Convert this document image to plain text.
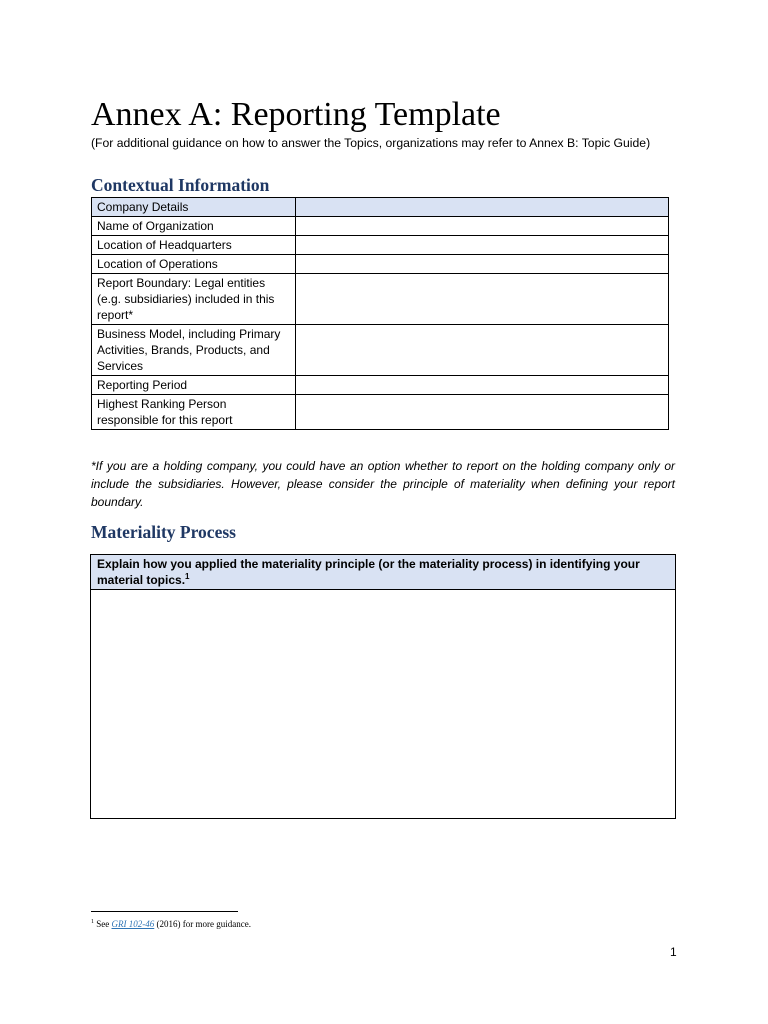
Annex A: Reporting Template

(For additional guidance on how to answer the Topics, organizations may refer to Annex B: Topic Guide)

Contextual Information
Company Details	
Name of Organization	
Location of Headquarters	
Location of Operations	
Report Boundary: Legal entities (e.g. subsidiaries) included in this report*	
Business Model, including Primary Activities, Brands, Products, and Services	
Reporting Period	
Highest Ranking Person responsible for this report	

*If you are a holding company, you could have an option whether to report on the holding company only or include the subsidiaries. However, please consider the principle of materiality when defining your report boundary.

Materiality Process
Explain how you applied the materiality principle (or the materiality process) in identifying your material topics.$^1$

$^1$ See GRI 102-46 (2016) for more guidance.

1
